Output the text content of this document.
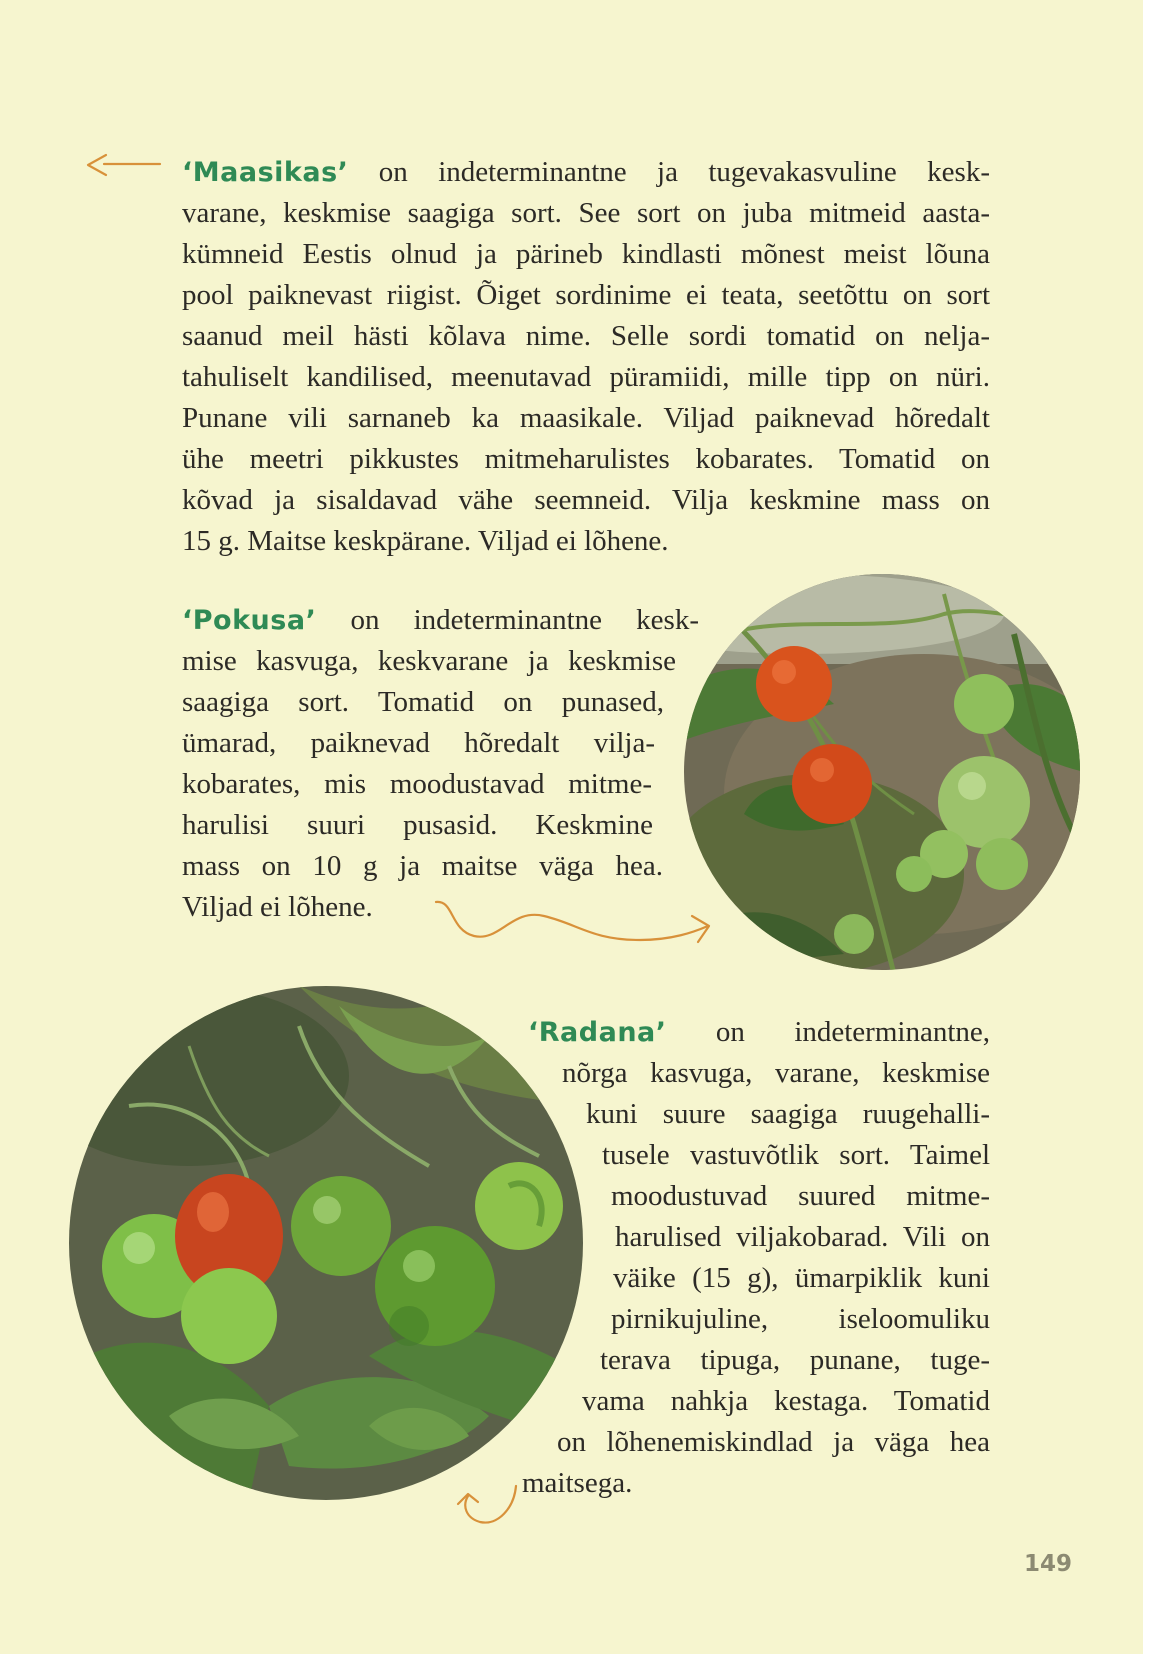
‘Maasikas’ on indeterminantne ja tugevakasvuline kesk-
varane, keskmise saagiga sort. See sort on juba mitmeid aasta-
kümneid Eestis olnud ja pärineb kindlasti mõnest meist lõuna
pool paiknevast riigist. Õiget sordinime ei teata, seetõttu on sort
saanud meil hästi kõlava nime. Selle sordi tomatid on nelja-
tahuliselt kandilised, meenutavad püramiidi, mille tipp on nüri.
Punane vili sarnaneb ka maasikale. Viljad paiknevad hõredalt
ühe meetri pikkustes mitmeharulistes kobarates. Tomatid on
kõvad ja sisaldavad vähe seemneid. Vilja keskmine mass on
15 g. Maitse keskpärane. Viljad ei lõhene.
‘Pokusa’ on indeterminantne kesk-
mise kasvuga, keskvarane ja keskmise
saagiga sort. Tomatid on punased,
ümarad, paiknevad hõredalt vilja-
kobarates, mis moodustavad mitme-
harulisi suuri pusasid. Keskmine
mass on 10 g ja maitse väga hea.
Viljad ei lõhene.
‘Radana’ on indeterminantne,
nõrga kasvuga, varane, keskmise
kuni suure saagiga ruugehalli-
tusele vastuvõtlik sort. Taimel
moodustuvad suured mitme-
harulised viljakobarad. Vili on
väike (15 g), ümarpiklik kuni
pirnikujuline, iseloomuliku
terava tipuga, punane, tuge-
vama nahkja kestaga. Tomatid
on lõhenemiskindlad ja väga hea
maitsega.
149
